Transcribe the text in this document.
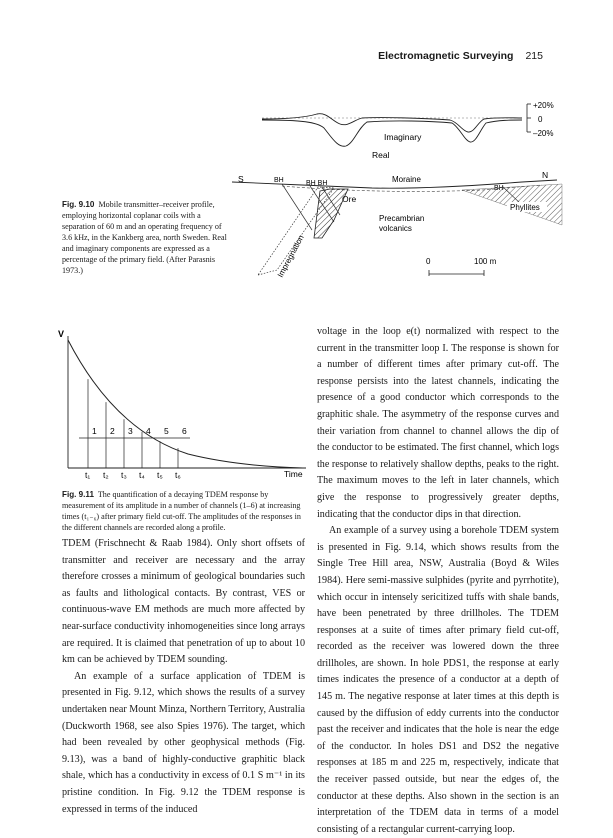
Electromagnetic Surveying 215
+20%
0
–20%
Imaginary
Real
S	N
BH	BH BH	Moraine
Impregnation
Ore
Phyllites
Precambrian
volcanics
0	100 m
Fig. 9.10 Mobile transmitter–receiver profile, employing horizontal coplanar coils with a separation of 60 m and an operating frequency of 3.6 kHz, in the Kankberg area, north Sweden. Real and imaginary components are expressed as a percentage of the primary field. (After Parasnis 1973.)
V
Time
1
t₁
2
t₂
3
t₃
4
t₄
5
t₅
6
t₆
Fig. 9.11 The quantification of a decaying TDEM response by measurement of its amplitude in a number of channels (1–6) at increasing times (t₁₋₆) after primary field cut-off. The amplitudes of the responses in the different channels are recorded along a profile.

TDEM (Frischnecht & Raab 1984). Only short offsets of transmitter and receiver are necessary and the array therefore crosses a minimum of geological boundaries such as faults and lithological contacts. By contrast, VES or continuous-wave EM methods are much more affected by near-surface conductivity inhomogeneities since long arrays are required. It is claimed that penetration of up to about 10 km can be achieved by TDEM sounding.

An example of a surface application of TDEM is presented in Fig. 9.12, which shows the results of a survey undertaken near Mount Minza, Northern Territory, Australia (Duckworth 1968, see also Spies 1976). The target, which had been revealed by other geophysical methods (Fig. 9.13), was a band of highly-conductive graphitic black shale, which has a conductivity in excess of 0.1 S m⁻¹ in its pristine condition. In Fig. 9.12 the TDEM response is expressed in terms of the induced

voltage in the loop e(t) normalized with respect to the current in the transmitter loop I. The response is shown for a number of different times after primary cut-off. The response persists into the latest channels, indicating the presence of a good conductor which corresponds to the graphitic shale. The asymmetry of the response curves and their variation from channel to channel allows the dip of the conductor to be estimated. The first channel, which logs the response to relatively shallow depths, peaks to the right. The maximum moves to the left in later channels, which give the response to progressively greater depths, indicating that the conductor dips in that direction.

An example of a survey using a borehole TDEM system is presented in Fig. 9.14, which shows results from the Single Tree Hill area, NSW, Australia (Boyd & Wiles 1984). Here semi-massive sulphides (pyrite and pyrrhotite), which occur in intensely sericitized tuffs with shale bands, have been penetrated by three drillholes. The TDEM responses at a suite of times after primary field cut-off, recorded as the receiver was lowered down the three drillholes, are shown. In hole PDS1, the response at early times indicates the presence of a conductor at a depth of 145 m. The negative response at later times at this depth is caused by the diffusion of eddy currents into the conductor past the receiver and indicates that the hole is near the edge of the conductor. In holes DS1 and DS2 the negative responses at 185 m and 225 m, respectively, indicate that the receiver passed outside, but near the edges of, the conductor at these depths. Also shown in the section is an interpretation of the TDEM data in terms of a model consisting of a rectangular current-carrying loop.
